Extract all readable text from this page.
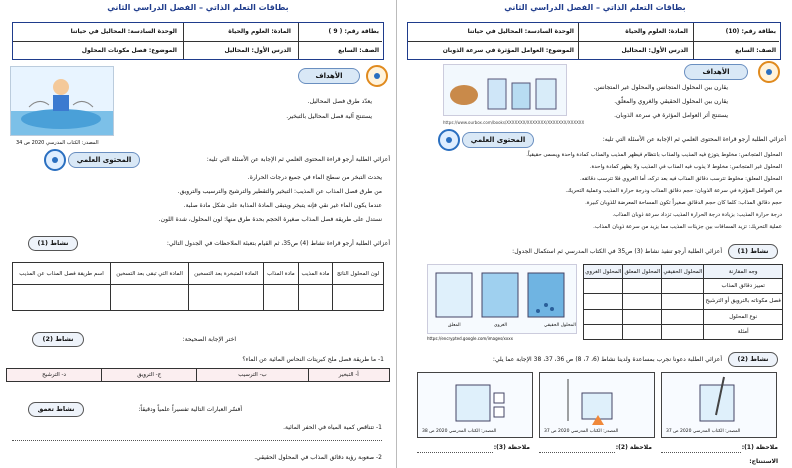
بطاقات التعلم الذاتي – الفصل الدراسي الثاني
بطاقة رقم: ( 9 )
المادة: العلوم والحياة
الوحدة السادسة: المحاليل في حياتنا
الصف: السابع
الدرس الأول: المحاليل
الموضوع: فصل مكونات المحلول
المصدر: الكتاب المدرسي 2020 ص 34
الأهداف
يعدّد طرق فصل المحاليل.
يستنتج آلية فصل المحاليل بالتبخير.
المحتوى العلمي	أعزائي الطلبة أرجو قراءة المحتوى العلمي ثم الإجابة عن الأسئلة التي تليه:
يحدث التبخر من سطح الماء في جميع درجات الحرارة.
من طرق فصل المذاب عن المذيب: التبخير والتقطير والترشيح والترسيب والترويق.
عندما يكون الماء غير نقي فإنه يتبخر ويتبقى المادة المذابة على شكل مادة صلبة.
نستدل على طريقة فصل المذاب صغيرة الحجم بحدة طرق منها: لون المحلول، شدة اللون.
نشاط (1)	أعزائي الطلبة أرجو قراءة نشاط (4) ص35، ثم القيام بتعبئة الملاحظات في الجدول التالي:
لون المحلول الناتج	مادة المذيب	مادة المذاب	المادة المتبخرة بعد التسخين	المادة التي تبقى بعد التسخين	اسم طريقة فصل المذاب عن المذيب

نشاط (2)	اختر الإجابة الصحيحة:
1- ما طريقة فصل ملح كبريتات النحاس المائية عن الماء؟
أ- التبخير	ب- الترسيب	ج- الترويق	د- الترشيح
نشاط تعمق	أفسّر العبارات التالية تفسيراً علمياً ودقيقاً:
1- تتناقص كمية المياه في الحفر المائية.
2- صعوبة رؤية دقائق المذاب في المحلول الحقيقي.
بطاقات التعلم الذاتي – الفصل الدراسي الثاني
بطاقة رقم: (10)
المادة: العلوم والحياة
الوحدة السادسة: المحاليل في حياتنا
الصف: السابع
الدرس الأول: المحاليل
الموضوع: العوامل المؤثرة في سرعة الذوبان
https://www.ourbox.com/books/XXXXXXX/XXXXXXX/XXXXXXX/XXXXXX
الأهداف
يقارن بين المحلول المتجانس والمحلول غير المتجانس.
يقارن بين المحلول الحقيقي والغروي والمعلّق.
يستنتج أثر العوامل المؤثرة في سرعة الذوبان.
المحتوى العلمي	أعزائي الطلبة أرجو قراءة المحتوى العلمي ثم الإجابة عن الأسئلة التي تليه:
المحلول المتجانس: مخلوط يتوزع فيه المذيب والمذاب بانتظام فيظهر المذيب والمذاب كمادة واحدة ويسمى حقيقياً.
المحلول غير المتجانس: مخلوط لا يذوب فيه المذاب في المذيب ولا يظهر كمادة واحدة.
المحلول المعلق: مخلوط تترسب دقائق المذاب فيه بعد تركه، أما الغروي فلا تترسب دقائقه.
من العوامل المؤثرة في سرعة الذوبان: حجم دقائق المذاب ودرجة حرارة المذيب وعملية التحريك.
حجم دقائق المذاب: كلما كان حجم الدقائق صغيراً تكون المساحة المعرضة للذوبان كبيرة.
درجة حرارة المذيب: بزيادة درجة الحرارة المذيب تزداد سرعة ذوبان المذاب.
عملية التحريك: تزيد المسافات بين جزيئات المذيب مما يزيد من سرعة ذوبان المذاب.
نشاط (1)
أعزائي الطلبة أرجو تنفيذ نشاط (3) ص35 في الكتاب المدرسي ثم استكمال الجدول:
وجه المقارنة	المحلول الحقيقي	المحلول المعلق	المحلول الغروي
تمييز دقائق المذاب			
فصل مكوناته بالترويق أو الترشيح			
نوع المحلول			
أمثلة			
المحلول الحقيقي
الغروي
المعلق
https://encrypted.google.com/images/xxxx
نشاط (2)
أعزائي الطلبة دعونا نجرب بمساعدة ولدينا نشاط (6، 7، 8) ص 36، 37، 38 الإجابة عما يلي:
المصدر: الكتاب المدرسي 2020 ص 37
المصدر: الكتاب المدرسي 2020 ص 37
المصدر: الكتاب المدرسي 2020 ص 38
ملاحظة (1):
ملاحظة (2):
ملاحظة (3):
الاستنتاج:
